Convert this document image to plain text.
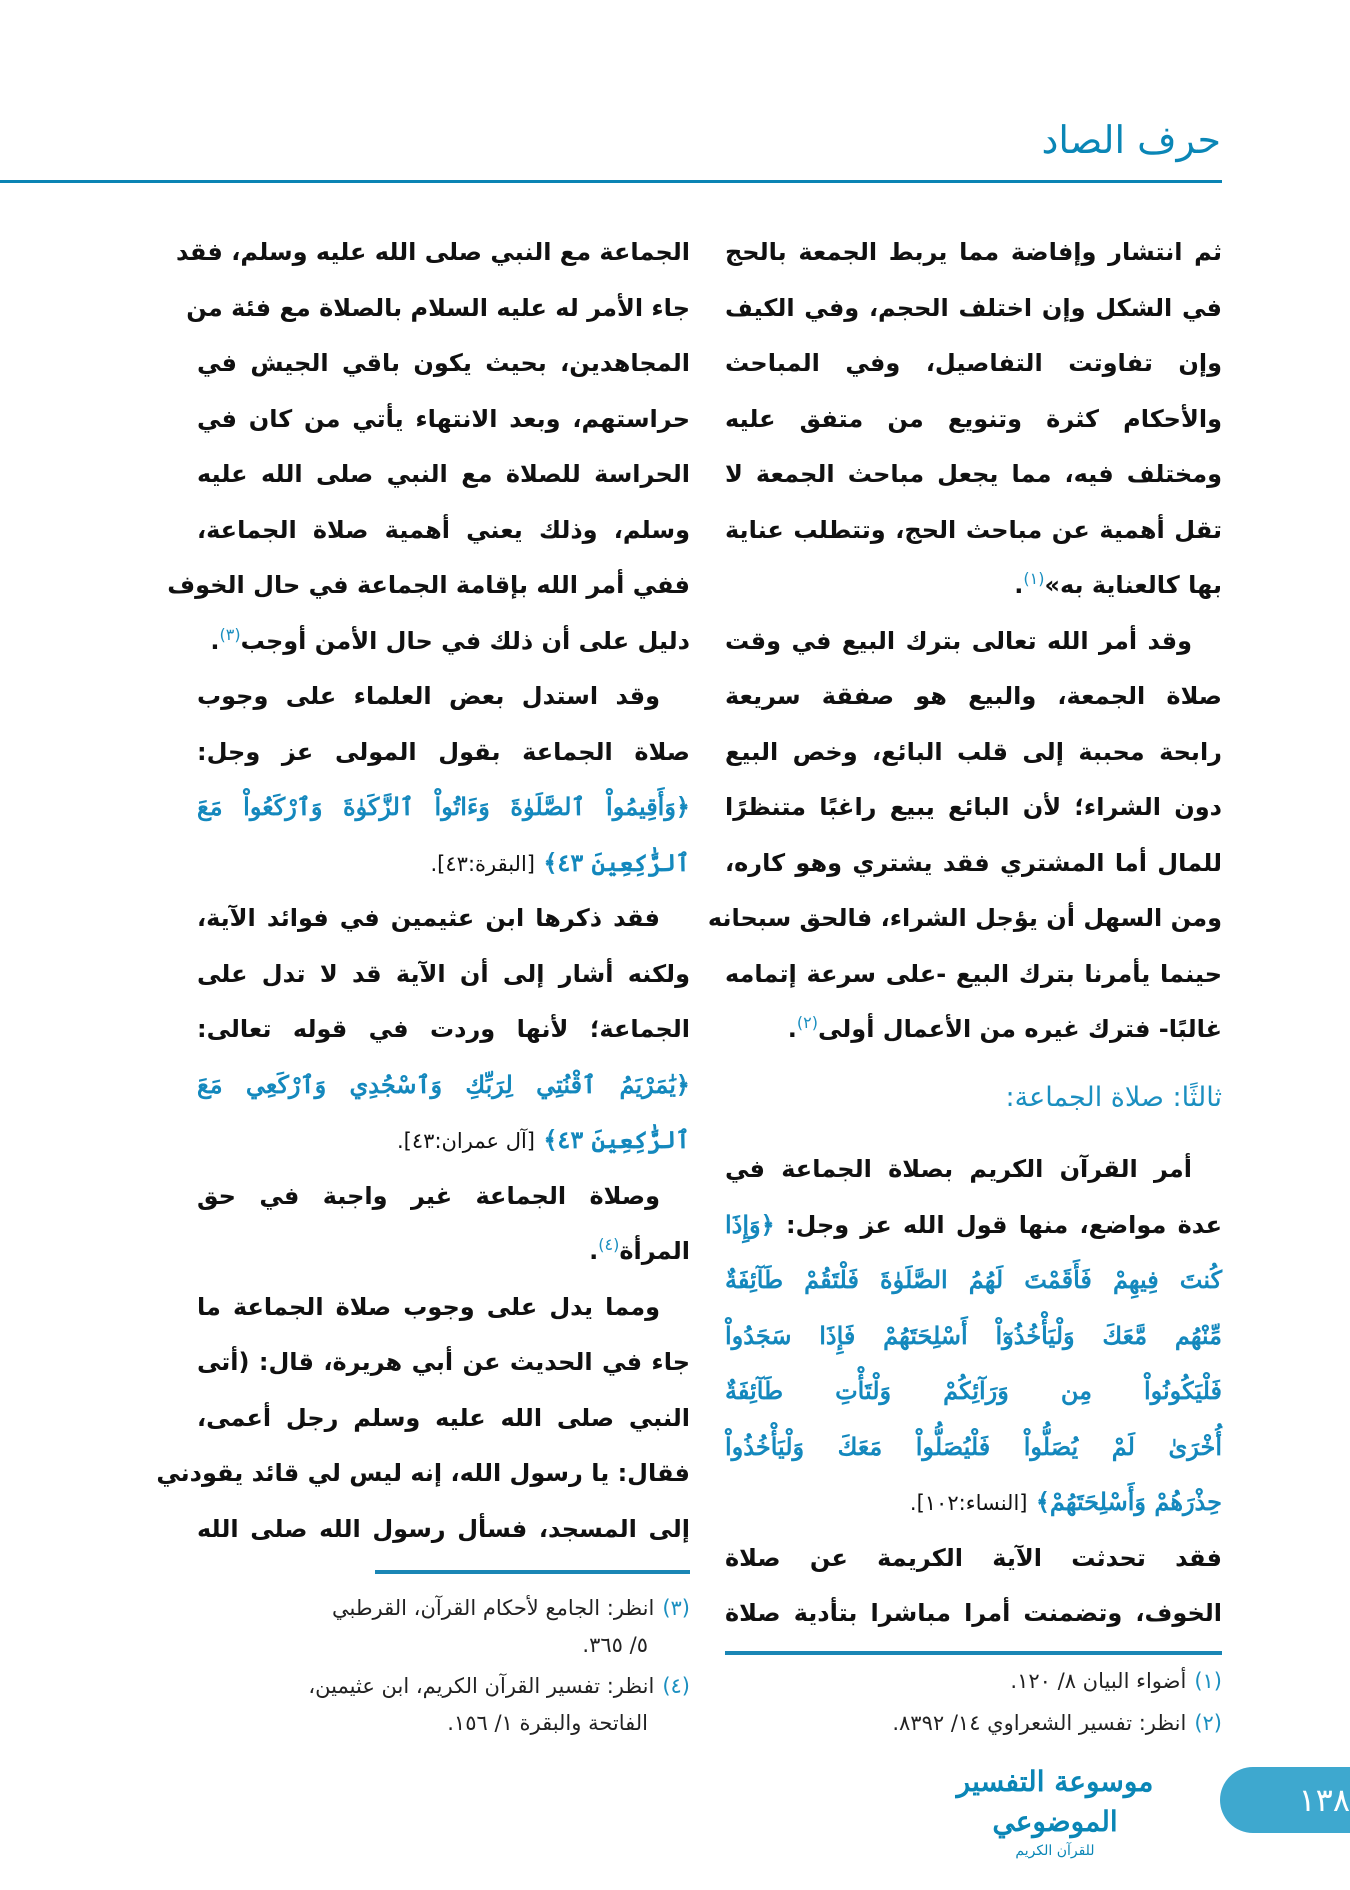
حرف الصاد
ثم انتشار وإفاضة مما يربط الجمعة بالحج
في الشكل وإن اختلف الحجم، وفي الكيف
وإن تفاوتت التفاصيل، وفي المباحث
والأحكام كثرة وتنويع من متفق عليه
ومختلف فيه، مما يجعل مباحث الجمعة لا
تقل أهمية عن مباحث الحج، وتتطلب عناية
بها كالعناية به»$^{(١)}$.
وقد أمر الله تعالى بترك البيع في وقت
صلاة الجمعة، والبيع هو صفقة سريعة
رابحة محببة إلى قلب البائع، وخص البيع
دون الشراء؛ لأن البائع يبيع راغبًا متنظرًا
للمال أما المشتري فقد يشتري وهو كاره،
ومن السهل أن يؤجل الشراء، فالحق سبحانه
حينما يأمرنا بترك البيع -على سرعة إتمامه
غالبًا- فترك غيره من الأعمال أولى$^{(٢)}$.
ثالثًا: صلاة الجماعة:
أمر القرآن الكريم بصلاة الجماعة في
عدة مواضع، منها قول الله عز وجل: ﴿وَإِذَا
كُنتَ فِيهِمْ فَأَقَمْتَ لَهُمُ الصَّلَوٰةَ فَلْتَقُمْ طَآئِفَةٌ
مِّنْهُم مَّعَكَ وَلْيَأْخُذُوٓاْ أَسْلِحَتَهُمْ فَإِذَا سَجَدُواْ
فَلْيَكُونُواْ مِن وَرَآئِكُمْ وَلْتَأْتِ طَآئِفَةٌ
أُخْرَىٰ لَمْ يُصَلُّواْ فَلْيُصَلُّواْ مَعَكَ وَلْيَأْخُذُواْ
حِذْرَهُمْ وَأَسْلِحَتَهُمْ﴾ [النساء:١٠٢].
فقد تحدثت الآية الكريمة عن صلاة
الخوف، وتضمنت أمرا مباشرا بتأدية صلاة
الجماعة مع النبي صلى الله عليه وسلم، فقد
جاء الأمر له عليه السلام بالصلاة مع فئة من
المجاهدين، بحيث يكون باقي الجيش في
حراستهم، وبعد الانتهاء يأتي من كان في
الحراسة للصلاة مع النبي صلى الله عليه
وسلم، وذلك يعني أهمية صلاة الجماعة،
ففي أمر الله بإقامة الجماعة في حال الخوف
دليل على أن ذلك في حال الأمن أوجب$^{(٣)}$.
وقد استدل بعض العلماء على وجوب
صلاة الجماعة بقول المولى عز وجل:
﴿وَأَقِيمُواْ ٱلصَّلَوٰةَ وَءَاتُواْ ٱلزَّكَوٰةَ وَٱرْكَعُواْ مَعَ
ٱلرَّٰكِعِينَ ٤٣﴾ [البقرة:٤٣].
فقد ذكرها ابن عثيمين في فوائد الآية،
ولكنه أشار إلى أن الآية قد لا تدل على
الجماعة؛ لأنها وردت في قوله تعالى:
﴿يَٰمَرْيَمُ ٱقْنُتِي لِرَبِّكِ وَٱسْجُدِي وَٱرْكَعِي مَعَ
ٱلرَّٰكِعِينَ ٤٣﴾ [آل عمران:٤٣].
وصلاة الجماعة غير واجبة في حق
المرأة$^{(٤)}$.
ومما يدل على وجوب صلاة الجماعة ما
جاء في الحديث عن أبي هريرة، قال: (أتى
النبي صلى الله عليه وسلم رجل أعمى،
فقال: يا رسول الله، إنه ليس لي قائد يقودني
إلى المسجد، فسأل رسول الله صلى الله
(١)أضواء البيان ٨/ ١٢٠.
(٢)انظر: تفسير الشعراوي ١٤/ ٨٣٩٢.
(٣)انظر: الجامع لأحكام القرآن، القرطبي
٥/ ٣٦٥.
(٤)انظر: تفسير القرآن الكريم، ابن عثيمين،
الفاتحة والبقرة ١/ ١٥٦.
موسوعة التفسير الموضوعي
للقرآن الكريم
١٣٨
